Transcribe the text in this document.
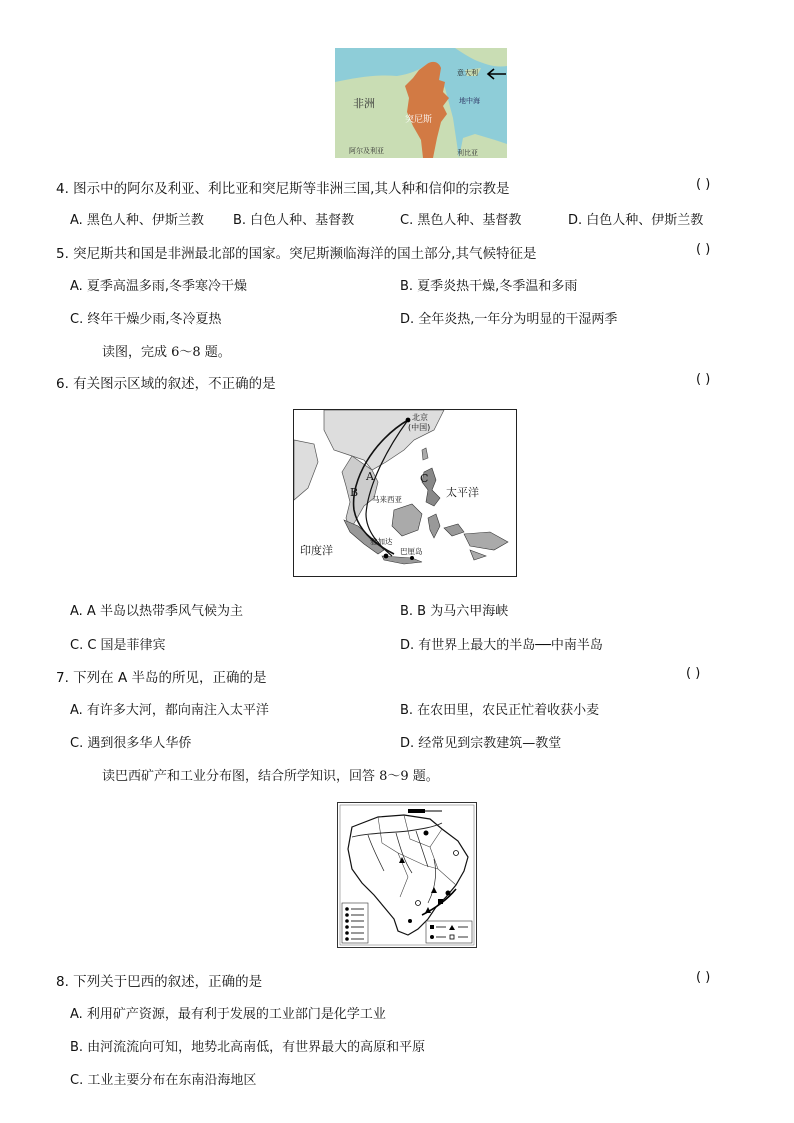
非洲
意大利
地中海
突尼斯
阿尔及利亚	利比亚
4. 图示中的阿尔及利亚、利比亚和突尼斯等非洲三国,其人种和信仰的宗教是	( )
A. 黑色人种、伊斯兰教 B. 白色人种、基督教	C. 黑色人种、基督教	D. 白色人种、伊斯兰教
5. 突尼斯共和国是非洲最北部的国家。突尼斯濒临海洋的国土部分,其气候特征是	( )
A. 夏季高温多雨,冬季寒冷干燥	B. 夏季炎热干燥,冬季温和多雨
C. 终年干燥少雨,冬冷夏热	D. 全年炎热,一年分为明显的干湿两季
读图，完成 6～8 题。
6. 有关图示区域的叙述，不正确的是	( )
北京
(中国)
太平洋
印度洋
马来西亚
雅加达
巴厘岛
A
B
C
A. A 半岛以热带季风气候为主	B. B 为马六甲海峡
C. C 国是菲律宾	D. 有世界上最大的半岛──中南半岛
7. 下列在 A 半岛的所见，正确的是	( )
A. 有许多大河，都向南注入太平洋	B. 在农田里，农民正忙着收获小麦
C. 遇到很多华人华侨	D. 经常见到宗教建筑—教堂
读巴西矿产和工业分布图，结合所学知识，回答 8～9 题。
8. 下列关于巴西的叙述，正确的是	( )
A. 利用矿产资源，最有利于发展的工业部门是化学工业
B. 由河流流向可知，地势北高南低，有世界最大的高原和平原
C. 工业主要分布在东南沿海地区
